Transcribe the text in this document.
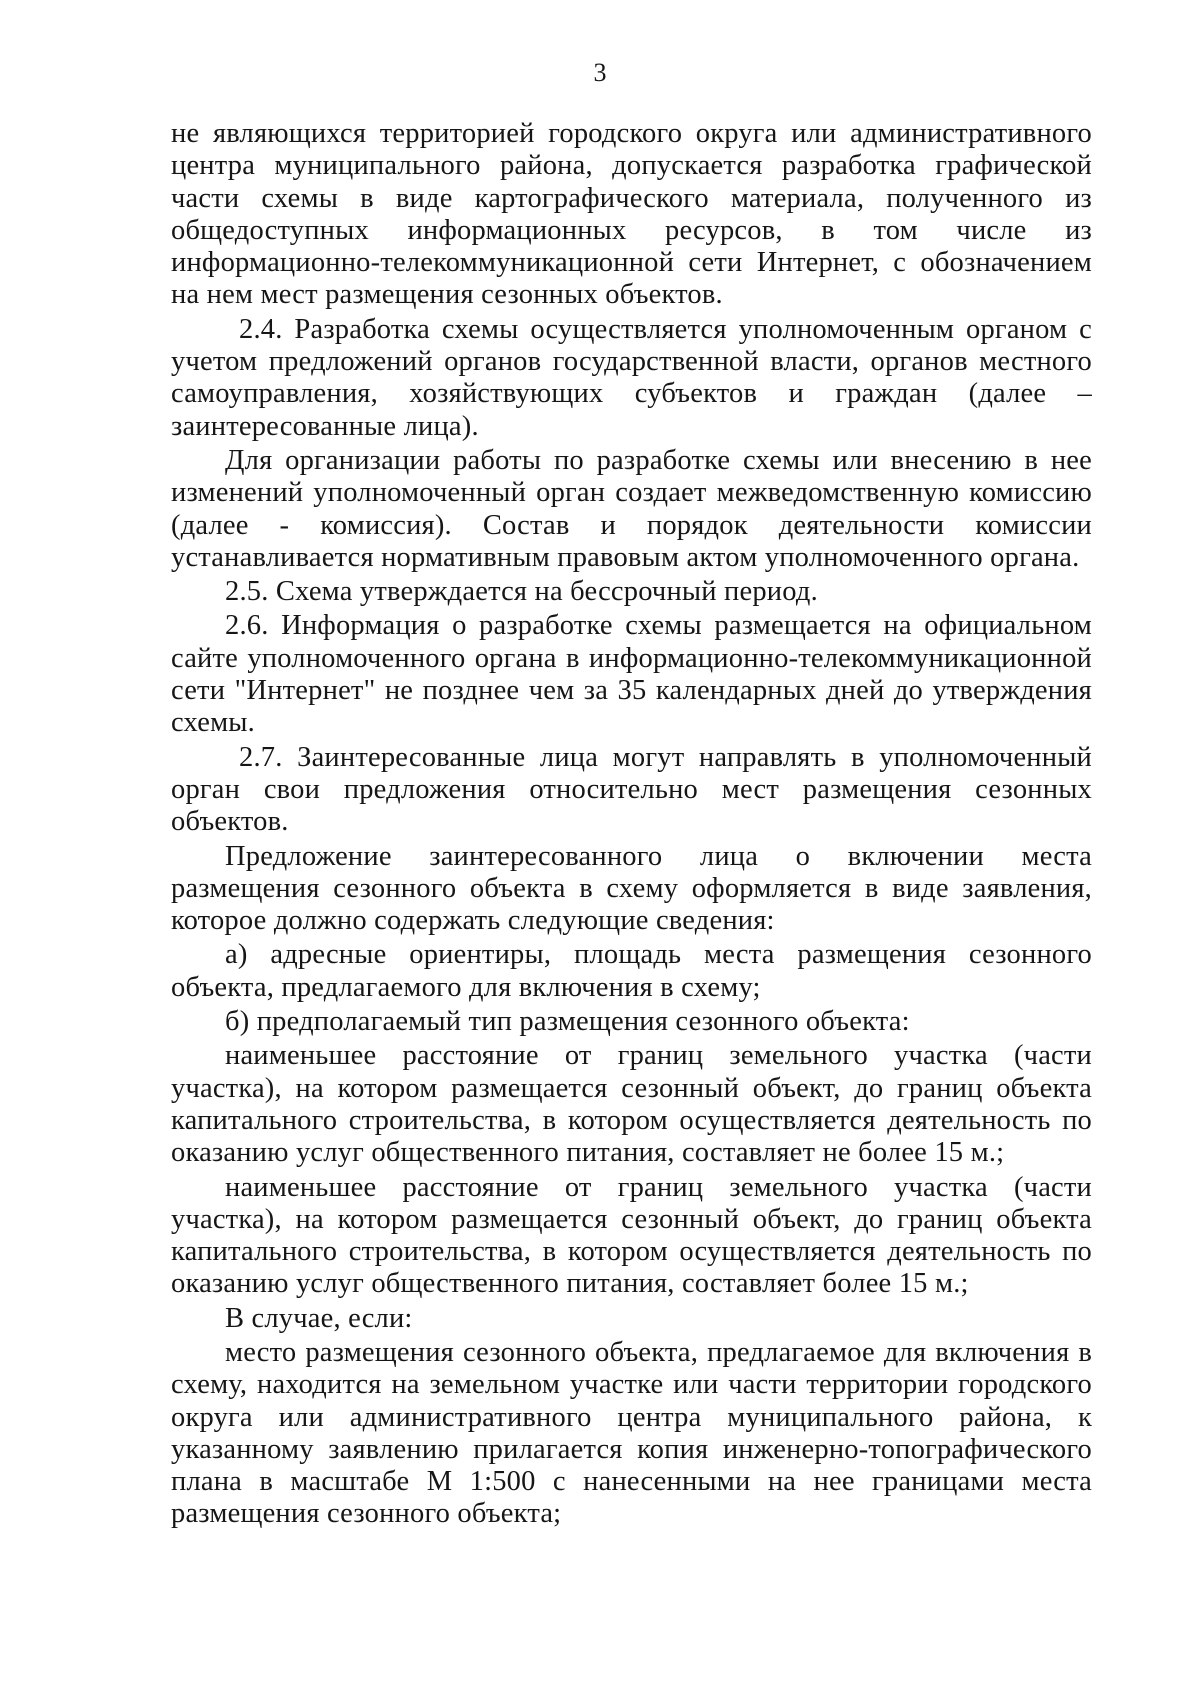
3

не являющихся территорией городского округа или административного центра муниципального района, допускается разработка графической части схемы в виде картографического материала, полученного из общедоступных информационных ресурсов, в том числе из информационно-телекоммуникационной сети Интернет, с обозначением на нем мест размещения сезонных объектов.

2.4. Разработка схемы осуществляется уполномоченным органом с учетом предложений органов государственной власти, органов местного самоуправления, хозяйствующих субъектов и граждан (далее – заинтересованные лица).

Для организации работы по разработке схемы или внесению в нее изменений уполномоченный орган создает межведомственную комиссию (далее - комиссия). Состав и порядок деятельности комиссии устанавливается нормативным правовым актом уполномоченного органа.

2.5. Схема утверждается на бессрочный период.

2.6. Информация о разработке схемы размещается на официальном сайте уполномоченного органа в информационно-телекоммуникационной сети "Интернет" не позднее чем за 35 календарных дней до утверждения схемы.

2.7. Заинтересованные лица могут направлять в уполномоченный орган свои предложения относительно мест размещения сезонных объектов.

Предложение заинтересованного лица о включении места размещения сезонного объекта в схему оформляется в виде заявления, которое должно содержать следующие сведения:

а) адресные ориентиры, площадь места размещения сезонного объекта, предлагаемого для включения в схему;

б) предполагаемый тип размещения сезонного объекта:

наименьшее расстояние от границ земельного участка (части участка), на котором размещается сезонный объект, до границ объекта капитального строительства, в котором осуществляется деятельность по оказанию услуг общественного питания, составляет не более 15 м.;

наименьшее расстояние от границ земельного участка (части участка), на котором размещается сезонный объект, до границ объекта капитального строительства, в котором осуществляется деятельность по оказанию услуг общественного питания, составляет более 15 м.;

В случае, если:

место размещения сезонного объекта, предлагаемое для включения в схему, находится на земельном участке или части территории городского округа или административного центра муниципального района, к указанному заявлению прилагается копия инженерно-топографического плана в масштабе М 1:500 с нанесенными на нее границами места размещения сезонного объекта;
